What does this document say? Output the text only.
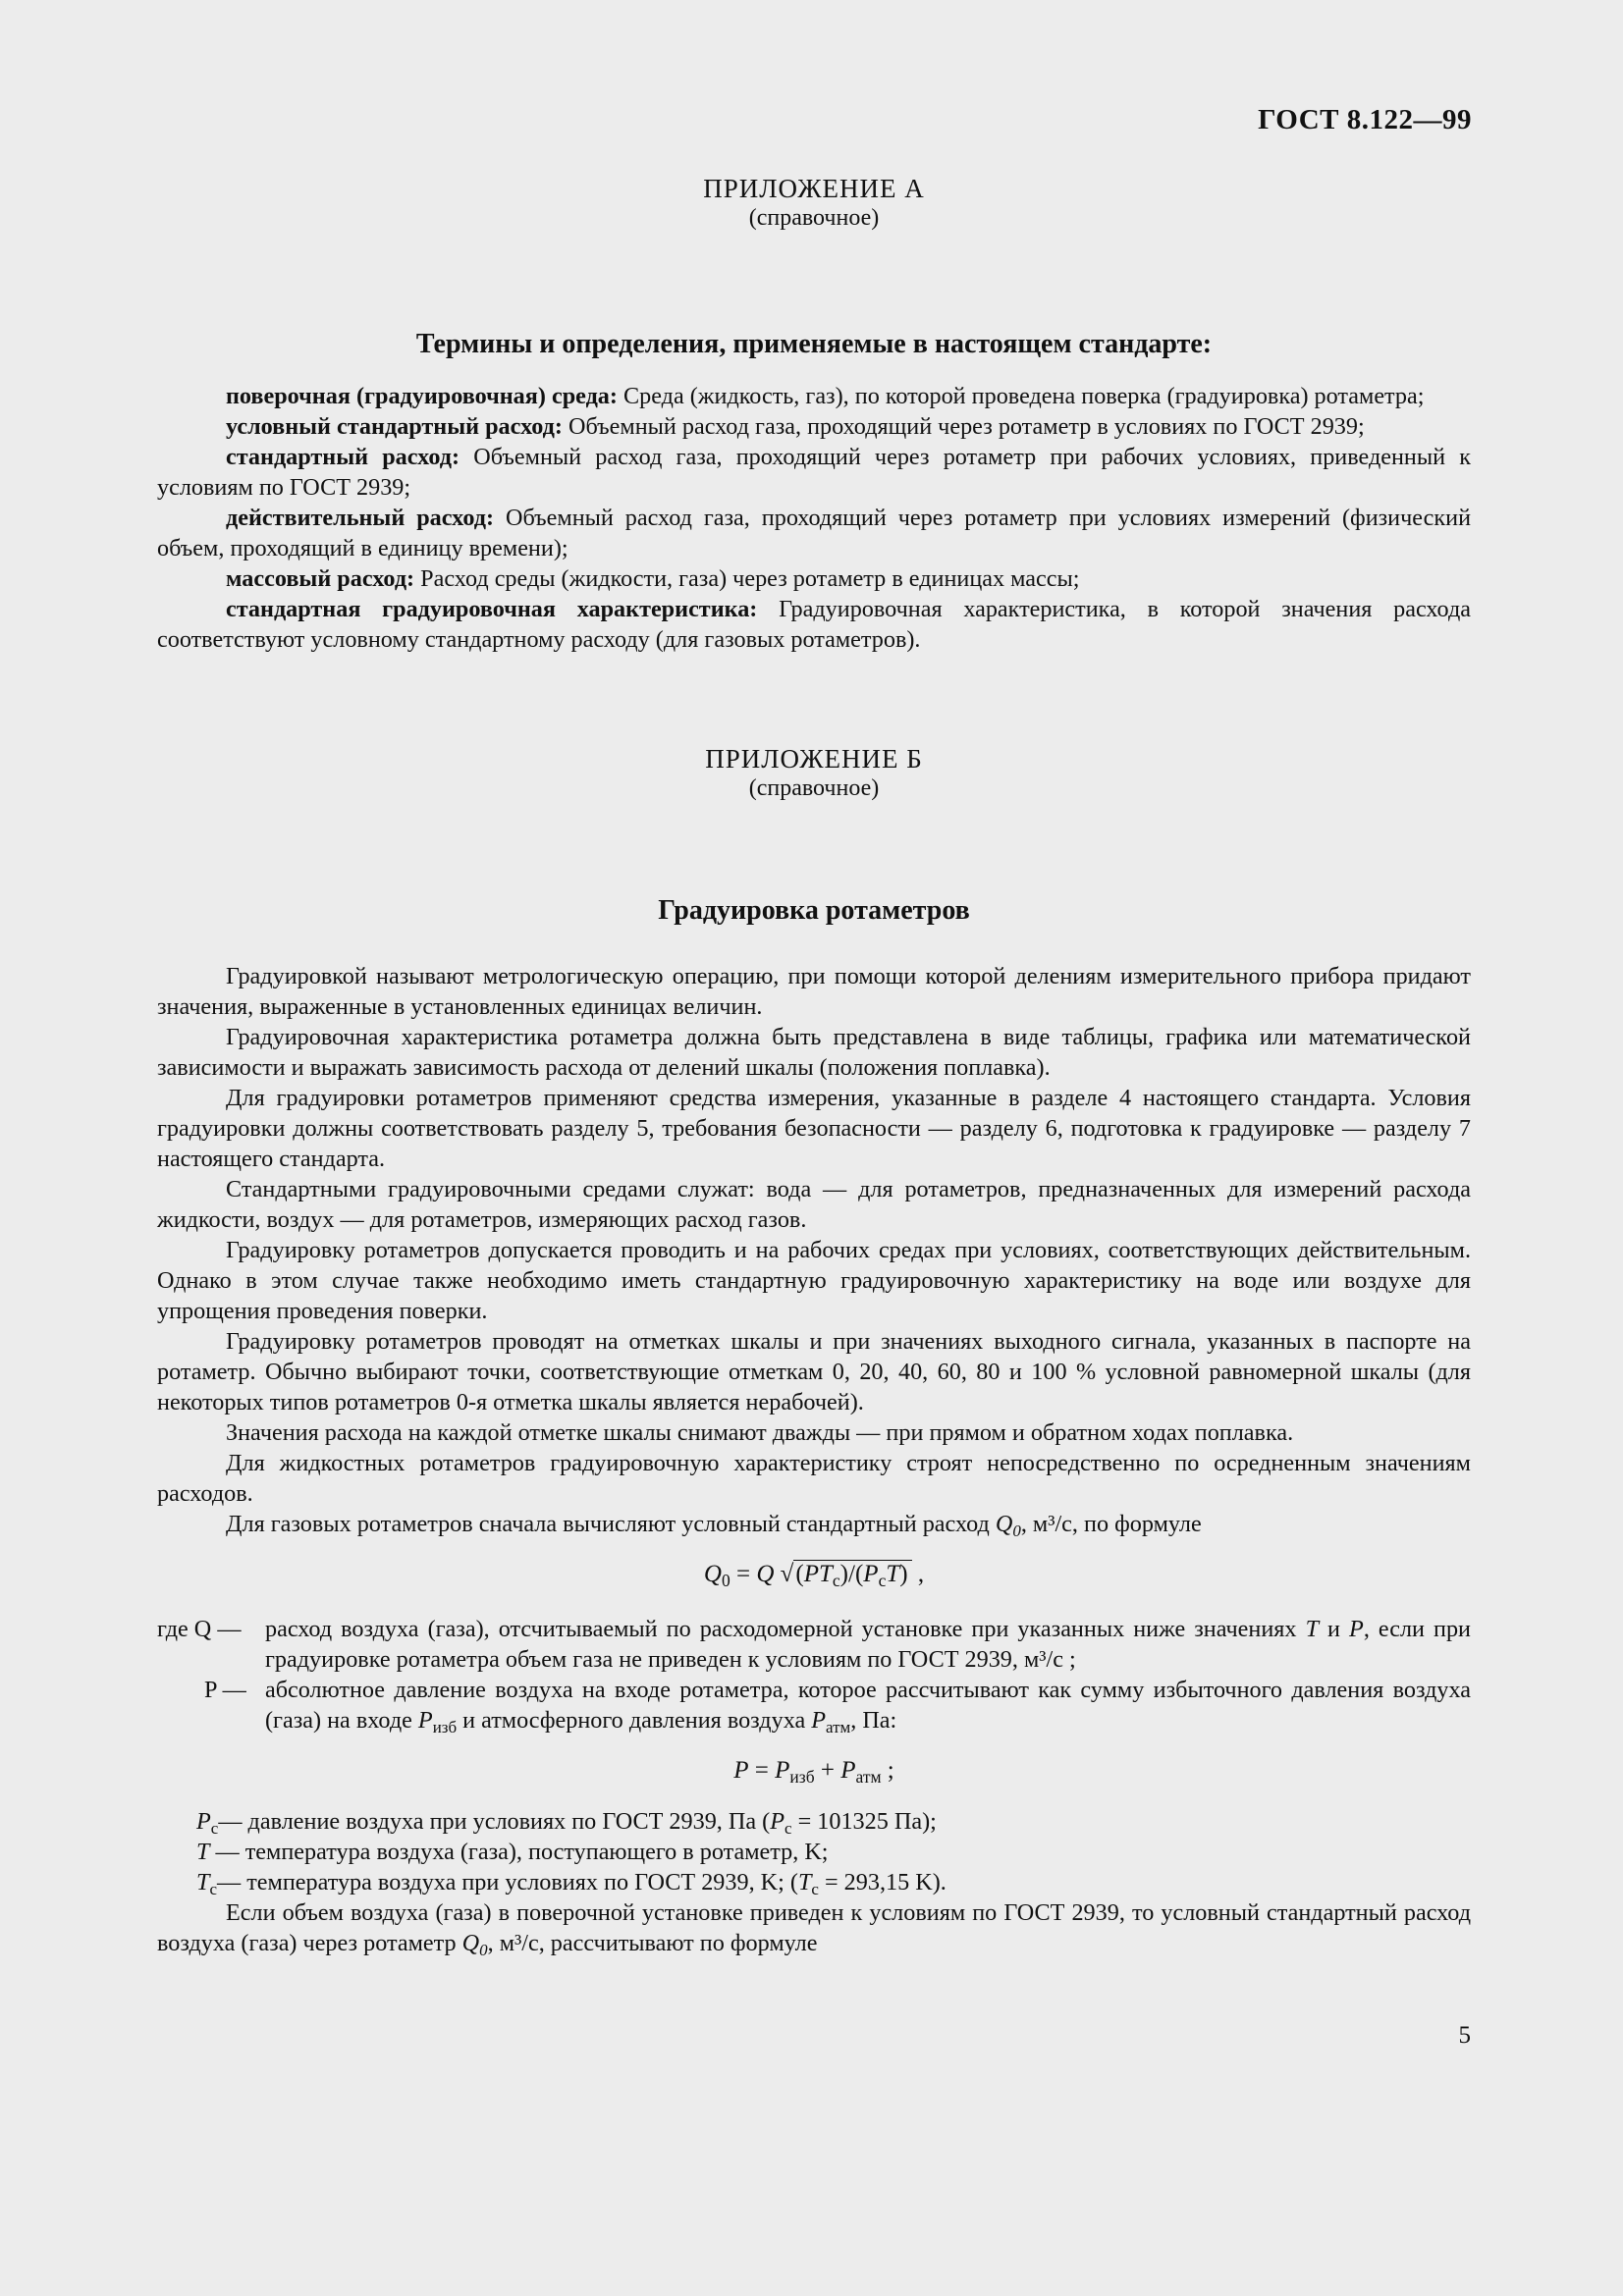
ГОСТ 8.122—99
ПРИЛОЖЕНИЕ А
(справочное)
Термины и определения, применяемые в настоящем стандарте:

поверочная (градуировочная) среда: Среда (жидкость, газ), по которой проведена поверка (градуировка) ротаметра;

условный стандартный расход: Объемный расход газа, проходящий через ротаметр в условиях по ГОСТ 2939;

стандартный расход: Объемный расход газа, проходящий через ротаметр при рабочих условиях, приведенный к условиям по ГОСТ 2939;

действительный расход: Объемный расход газа, проходящий через ротаметр при условиях измерений (физический объем, проходящий в единицу времени);

массовый расход: Расход среды (жидкости, газа) через ротаметр в единицах массы;

стандартная градуировочная характеристика: Градуировочная характеристика, в которой значения расхода соответствуют условному стандартному расходу (для газовых ротаметров).

ПРИЛОЖЕНИЕ Б
(справочное)
Градуировка ротаметров

Градуировкой называют метрологическую операцию, при помощи которой делениям измерительного прибора придают значения, выраженные в установленных единицах величин.

Градуировочная характеристика ротаметра должна быть представлена в виде таблицы, графика или математической зависимости и выражать зависимость расхода от делений шкалы (положения поплавка).

Для градуировки ротаметров применяют средства измерения, указанные в разделе 4 настоящего стандарта. Условия градуировки должны соответствовать разделу 5, требования безопасности — разделу 6, подготовка к градуировке — разделу 7 настоящего стандарта.

Стандартными градуировочными средами служат: вода — для ротаметров, предназначенных для измерений расхода жидкости, воздух — для ротаметров, измеряющих расход газов.

Градуировку ротаметров допускается проводить и на рабочих средах при условиях, соответствующих действительным. Однако в этом случае также необходимо иметь стандартную градуировочную характеристику на воде или воздухе для упрощения проведения поверки.

Градуировку ротаметров проводят на отметках шкалы и при значениях выходного сигнала, указанных в паспорте на ротаметр. Обычно выбирают точки, соответствующие отметкам 0, 20, 40, 60, 80 и 100 % условной равномерной шкалы (для некоторых типов ротаметров 0-я отметка шкалы является нерабочей).

Значения расхода на каждой отметке шкалы снимают дважды — при прямом и обратном ходах поплавка.

Для жидкостных ротаметров градуировочную характеристику строят непосредственно по осредненным значениям расходов.

Для газовых ротаметров сначала вычисляют условный стандартный расход $Q_0$, м³/с, по формуле

$Q_0 = Q$ $√(PT_с)/(P_сT)$ ,

где Q —	расход воздуха (газа), отсчитываемый по расходомерной установке при указанных ниже значениях T и P, если при градуировке ротаметра объем газа не приведен к условиям по ГОСТ 2939, м³/с ;

P — абсолютное давление воздуха на входе ротаметра, которое рассчитывают как сумму избыточного давления воздуха (газа) на входе $P_{изб}$ и атмосферного давления воздуха $P_{атм}$, Па:

$P = P_{изб} + P_{атм}$ ;

$P_с—$ давление воздуха при условиях по ГОСТ 2939, Па ($P_с = 101325$ Па);

T — температура воздуха (газа), поступающего в ротаметр, K;

$T_с—$ температура воздуха при условиях по ГОСТ 2939, K; ($T_с = 293,15$ K).

Если объем воздуха (газа) в поверочной установке приведен к условиям по ГОСТ 2939, то условный стандартный расход воздуха (газа) через ротаметр $Q_0$, м³/с, рассчитывают по формуле

5
